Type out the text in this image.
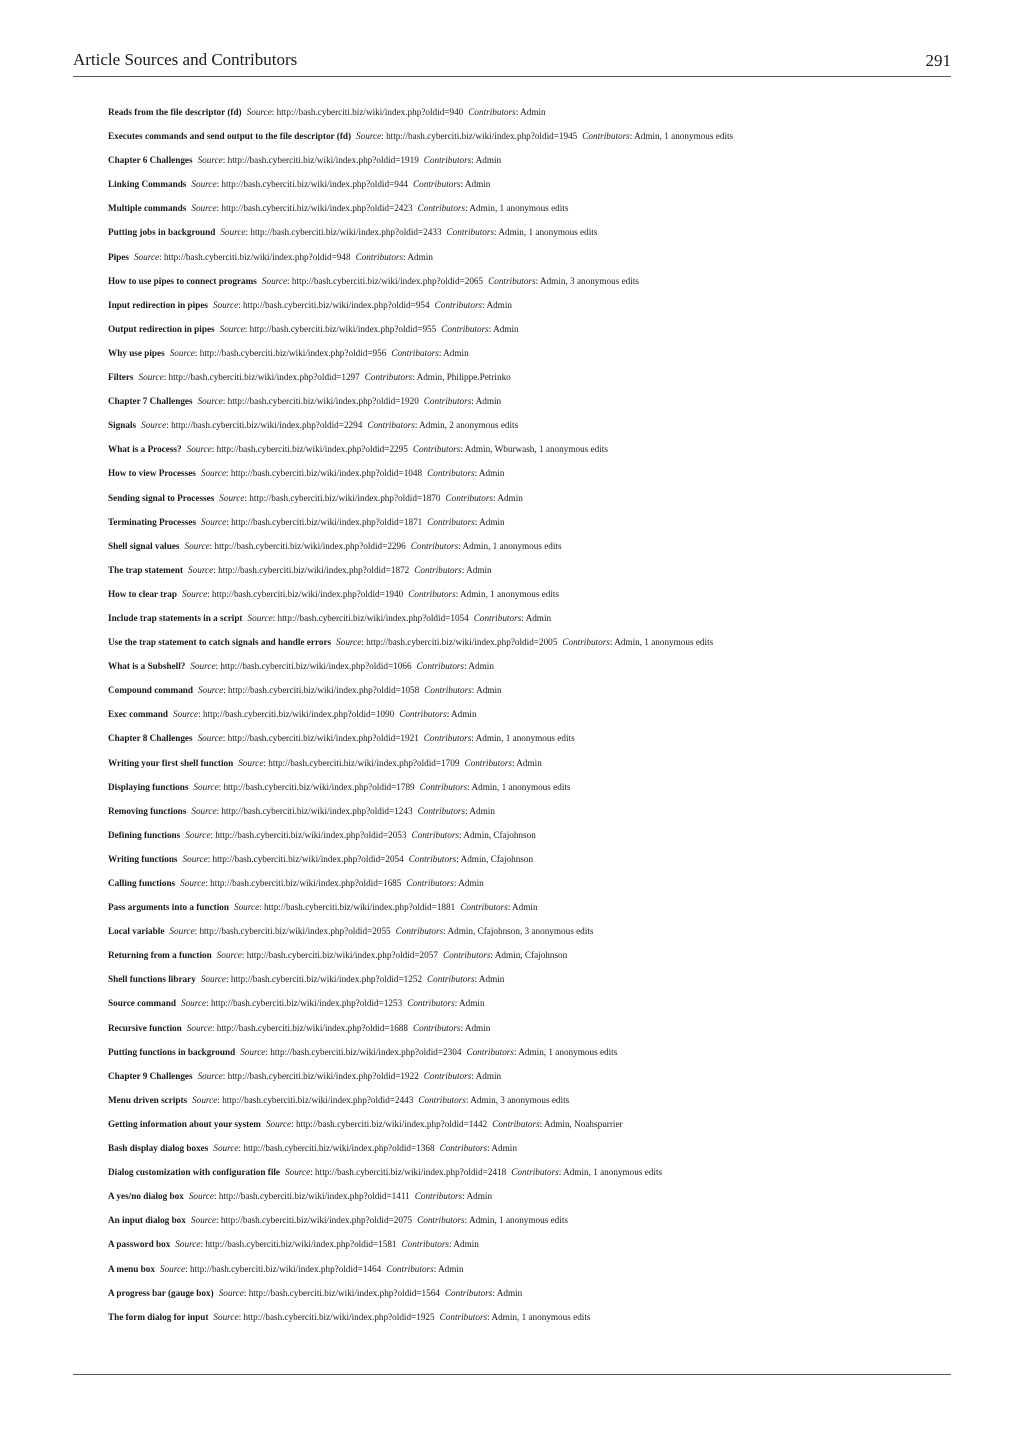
Article Sources and Contributors	291
Reads from the file descriptor (fd) Source: http://bash.cyberciti.biz/wiki/index.php?oldid=940 Contributors: Admin
Executes commands and send output to the file descriptor (fd) Source: http://bash.cyberciti.biz/wiki/index.php?oldid=1945 Contributors: Admin, 1 anonymous edits
Chapter 6 Challenges Source: http://bash.cyberciti.biz/wiki/index.php?oldid=1919 Contributors: Admin
Linking Commands Source: http://bash.cyberciti.biz/wiki/index.php?oldid=944 Contributors: Admin
Multiple commands Source: http://bash.cyberciti.biz/wiki/index.php?oldid=2423 Contributors: Admin, 1 anonymous edits
Putting jobs in background Source: http://bash.cyberciti.biz/wiki/index.php?oldid=2433 Contributors: Admin, 1 anonymous edits
Pipes Source: http://bash.cyberciti.biz/wiki/index.php?oldid=948 Contributors: Admin
How to use pipes to connect programs Source: http://bash.cyberciti.biz/wiki/index.php?oldid=2065 Contributors: Admin, 3 anonymous edits
Input redirection in pipes Source: http://bash.cyberciti.biz/wiki/index.php?oldid=954 Contributors: Admin
Output redirection in pipes Source: http://bash.cyberciti.biz/wiki/index.php?oldid=955 Contributors: Admin
Why use pipes Source: http://bash.cyberciti.biz/wiki/index.php?oldid=956 Contributors: Admin
Filters Source: http://bash.cyberciti.biz/wiki/index.php?oldid=1297 Contributors: Admin, Philippe.Petrinko
Chapter 7 Challenges Source: http://bash.cyberciti.biz/wiki/index.php?oldid=1920 Contributors: Admin
Signals Source: http://bash.cyberciti.biz/wiki/index.php?oldid=2294 Contributors: Admin, 2 anonymous edits
What is a Process? Source: http://bash.cyberciti.biz/wiki/index.php?oldid=2295 Contributors: Admin, Wburwash, 1 anonymous edits
How to view Processes Source: http://bash.cyberciti.biz/wiki/index.php?oldid=1048 Contributors: Admin
Sending signal to Processes Source: http://bash.cyberciti.biz/wiki/index.php?oldid=1870 Contributors: Admin
Terminating Processes Source: http://bash.cyberciti.biz/wiki/index.php?oldid=1871 Contributors: Admin
Shell signal values Source: http://bash.cyberciti.biz/wiki/index.php?oldid=2296 Contributors: Admin, 1 anonymous edits
The trap statement Source: http://bash.cyberciti.biz/wiki/index.php?oldid=1872 Contributors: Admin
How to clear trap Source: http://bash.cyberciti.biz/wiki/index.php?oldid=1940 Contributors: Admin, 1 anonymous edits
Include trap statements in a script Source: http://bash.cyberciti.biz/wiki/index.php?oldid=1054 Contributors: Admin
Use the trap statement to catch signals and handle errors Source: http://bash.cyberciti.biz/wiki/index.php?oldid=2005 Contributors: Admin, 1 anonymous edits
What is a Subshell? Source: http://bash.cyberciti.biz/wiki/index.php?oldid=1066 Contributors: Admin
Compound command Source: http://bash.cyberciti.biz/wiki/index.php?oldid=1058 Contributors: Admin
Exec command Source: http://bash.cyberciti.biz/wiki/index.php?oldid=1090 Contributors: Admin
Chapter 8 Challenges Source: http://bash.cyberciti.biz/wiki/index.php?oldid=1921 Contributors: Admin, 1 anonymous edits
Writing your first shell function Source: http://bash.cyberciti.biz/wiki/index.php?oldid=1709 Contributors: Admin
Displaying functions Source: http://bash.cyberciti.biz/wiki/index.php?oldid=1789 Contributors: Admin, 1 anonymous edits
Removing functions Source: http://bash.cyberciti.biz/wiki/index.php?oldid=1243 Contributors: Admin
Defining functions Source: http://bash.cyberciti.biz/wiki/index.php?oldid=2053 Contributors: Admin, Cfajohnson
Writing functions Source: http://bash.cyberciti.biz/wiki/index.php?oldid=2054 Contributors: Admin, Cfajohnson
Calling functions Source: http://bash.cyberciti.biz/wiki/index.php?oldid=1685 Contributors: Admin
Pass arguments into a function Source: http://bash.cyberciti.biz/wiki/index.php?oldid=1881 Contributors: Admin
Local variable Source: http://bash.cyberciti.biz/wiki/index.php?oldid=2055 Contributors: Admin, Cfajohnson, 3 anonymous edits
Returning from a function Source: http://bash.cyberciti.biz/wiki/index.php?oldid=2057 Contributors: Admin, Cfajohnson
Shell functions library Source: http://bash.cyberciti.biz/wiki/index.php?oldid=1252 Contributors: Admin
Source command Source: http://bash.cyberciti.biz/wiki/index.php?oldid=1253 Contributors: Admin
Recursive function Source: http://bash.cyberciti.biz/wiki/index.php?oldid=1688 Contributors: Admin
Putting functions in background Source: http://bash.cyberciti.biz/wiki/index.php?oldid=2304 Contributors: Admin, 1 anonymous edits
Chapter 9 Challenges Source: http://bash.cyberciti.biz/wiki/index.php?oldid=1922 Contributors: Admin
Menu driven scripts Source: http://bash.cyberciti.biz/wiki/index.php?oldid=2443 Contributors: Admin, 3 anonymous edits
Getting information about your system Source: http://bash.cyberciti.biz/wiki/index.php?oldid=1442 Contributors: Admin, Noahspurrier
Bash display dialog boxes Source: http://bash.cyberciti.biz/wiki/index.php?oldid=1368 Contributors: Admin
Dialog customization with configuration file Source: http://bash.cyberciti.biz/wiki/index.php?oldid=2418 Contributors: Admin, 1 anonymous edits
A yes/no dialog box Source: http://bash.cyberciti.biz/wiki/index.php?oldid=1411 Contributors: Admin
An input dialog box Source: http://bash.cyberciti.biz/wiki/index.php?oldid=2075 Contributors: Admin, 1 anonymous edits
A password box Source: http://bash.cyberciti.biz/wiki/index.php?oldid=1581 Contributors: Admin
A menu box Source: http://bash.cyberciti.biz/wiki/index.php?oldid=1464 Contributors: Admin
A progress bar (gauge box) Source: http://bash.cyberciti.biz/wiki/index.php?oldid=1564 Contributors: Admin
The form dialog for input Source: http://bash.cyberciti.biz/wiki/index.php?oldid=1925 Contributors: Admin, 1 anonymous edits
